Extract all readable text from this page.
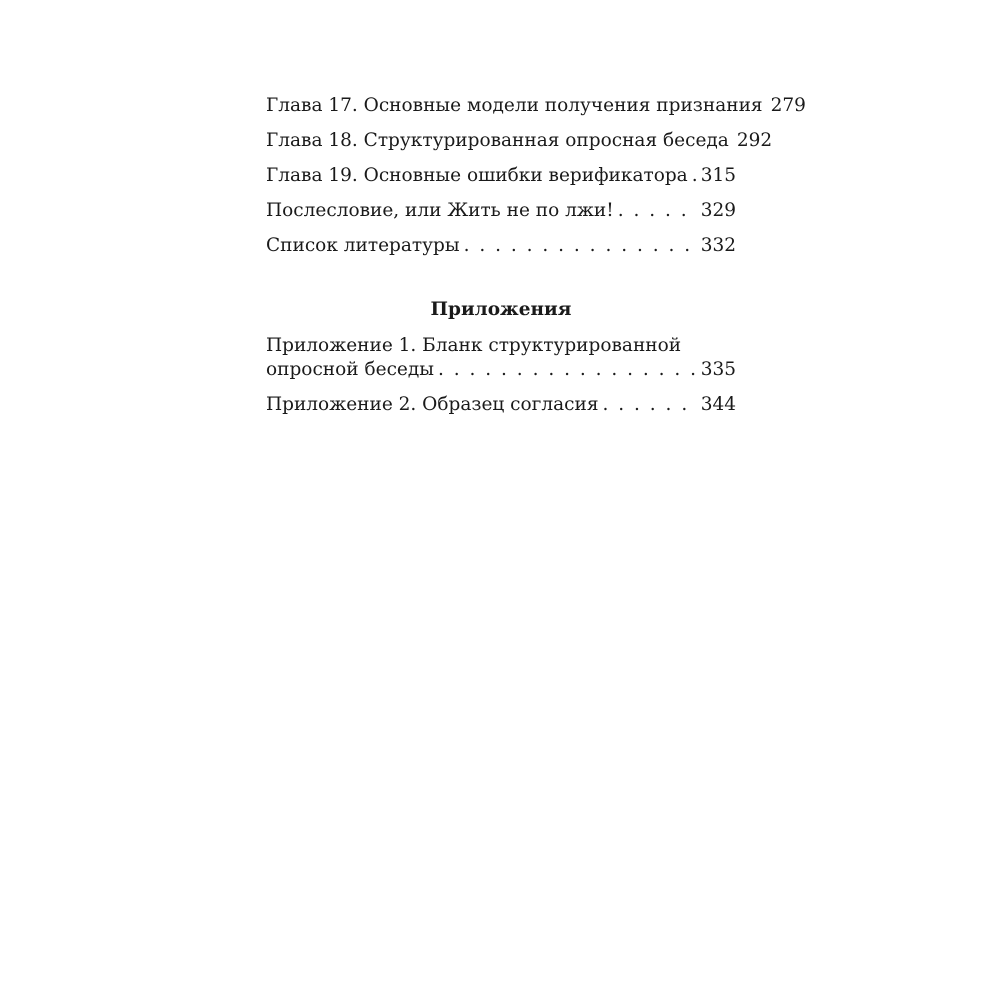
Глава 17. Основные модели получения признания 279
Глава 18. Структурированная опросная беседа 292
Глава 19. Основные ошибки верификатора . . . 315
Послесловие, или Жить не по лжи! . . .	329
Список литературы . . .	332
Приложения
Приложение 1. Бланк структурированной
опросной беседы . . .	335
Приложение 2. Образец согласия . . .	344
